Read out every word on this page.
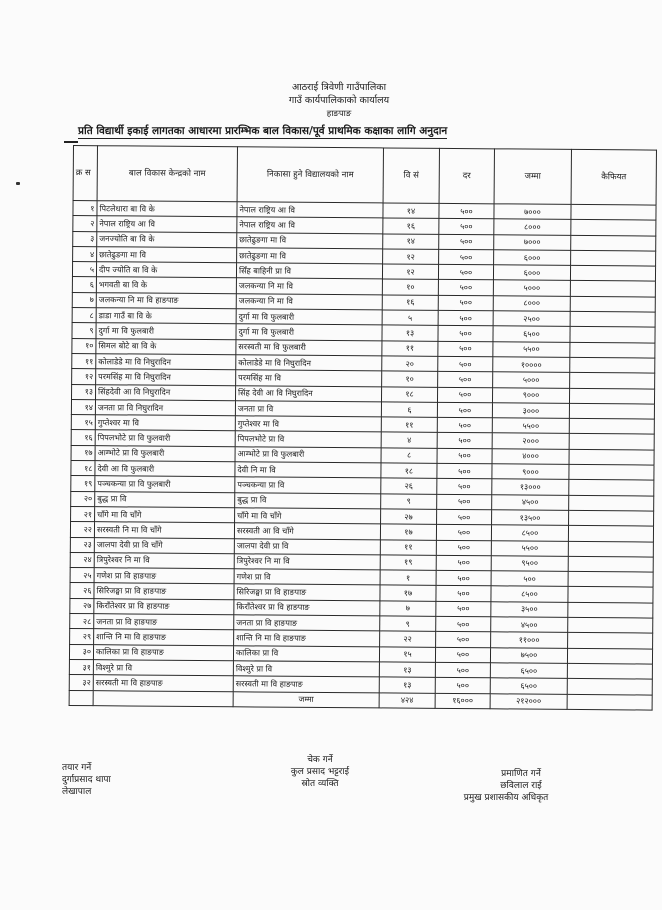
आठराई त्रिवेणी गाउँपालिका
गाउँ कार्यपालिकाको कार्यालय
हाङपाङ
प्रति विद्यार्थी इकाई लागतका आधारमा प्रारम्भिक बाल विकास/पूर्व प्राथमिक कक्षाका लागि अनुदान
क्र स	बाल विकास केन्द्रको नाम	निकासा हुने विद्यालयको नाम	वि सं	दर	जम्मा	कैफियत
१	पिटलेधारा बा वि के	नेपाल राष्ट्रिय आ वि	१४	५००	७०००	
२	नेपाल राष्ट्रिय आ वि	नेपाल राष्ट्रिय आ वि	१६	५००	८०००	
३	जनज्योति बा वि के	छातेढुङगा मा वि	१४	५००	७०००	
४	छातेढुङगा मा वि	छातेढुङगा मा वि	१२	५००	६०००	
५	दीप ज्योति बा वि के	सिँह बाहिनी प्रा वि	१२	५००	६०००	
६	भगवती बा वि के	जलकन्या नि मा वि	१०	५००	५०००	
७	जलकन्या नि मा वि हाङपाङ	जलकन्या नि मा वि	१६	५००	८०००	
८	डाडा गाउँ बा वि के	दुर्गा मा वि फुलबारी	५	५००	२५००	
९	दुर्गा मा वि फुलबारी	दुर्गा मा वि फुलबारी	१३	५००	६५००	
१०	सिमल बोटे बा वि के	सरस्वती मा वि फुलबारी	११	५००	५५००	
११	कोलाडेडे मा वि निघुरादिन	कोलाडेडे मा वि निघुरादिन	२०	५००	१००००	
१२	परमसिंह मा वि निघुरादिन	परमसिंह मा वि	१०	५००	५०००	
१३	सिंहदेवी आ वि निघुरादिन	सिंह देवी आ वि निघुरादिन	१८	५००	९०००	
१४	जनता प्रा वि निघुरादिन	जनता प्रा वि	६	५००	३०००	
१५	गुप्तेश्वर मा वि	गुप्तेश्वर मा वि	११	५००	५५००	
१६	पिपलभोटे प्रा वि फुलवारी	पिपलभोटे प्रा वि	४	५००	२०००	
१७	आम्भोटे प्रा वि फुलबारी	आम्भोटे प्रा वि फुलबारी	८	५००	४०००	
१८	देवी आ वि फुलबारी	देवी नि मा वि	१८	५००	९०००	
१९	पञ्चकन्या प्रा वि फुलबारी	पञ्चकन्या प्रा वि	२६	५००	१३०००	
२०	बुद्ध प्रा वि	बुद्ध प्रा वि	९	५००	४५००	
२१	चाँगे मा वि चाँगे	चाँगे मा वि चाँगे	२७	५००	१३५००	
२२	सरस्वती नि मा वि चाँगे	सरस्वती आ वि चाँगे	१७	५००	८५००	
२३	जालपा देवी प्रा वि चाँगे	जालपा देवी प्रा वि	११	५००	५५००	
२४	त्रिपुरेश्वर नि मा वि	त्रिपुरेश्वर नि मा वि	१९	५००	९५००	
२५	गणेश प्रा वि हाङपाङ	गणेश प्रा वि	१	५००	५००	
२६	सिरिजङ्घा प्रा वि हाङपाङ	सिरिजङ्घा प्रा वि हाङपाङ	१७	५००	८५००	
२७	किराँतेश्वर प्रा वि हाङपाङ	किराँतेश्वर प्रा वि हाङपाङ	७	५००	३५००	
२८	जनता प्रा वि हाङपाङ	जनता प्रा वि हाङपाङ	९	५००	४५००	
२९	शान्ति नि मा वि हाङपाङ	शान्ति नि मा वि हाङपाङ	२२	५००	११०००	
३०	कालिका प्रा वि हाङपाङ	कालिका प्रा वि	१५	५००	७५००	
३१	विश्मुरे प्रा वि	विश्मुरे प्रा वि	१३	५००	६५००	
३२	सरस्वती मा वि हाङपाङ	सरस्वती मा वि हाङपाङ	१३	५००	६५००	
		जम्मा	४२४	१६०००	२१२०००	
तयार गर्ने
दुर्गाप्रसाद थापा
लेखापाल
चेक गर्ने
कुल प्रसाद भट्टराई
स्रोत व्यक्ति
प्रमाणित गर्ने
छविलाल राई
प्रमुख प्रशासकीय अधिकृत
